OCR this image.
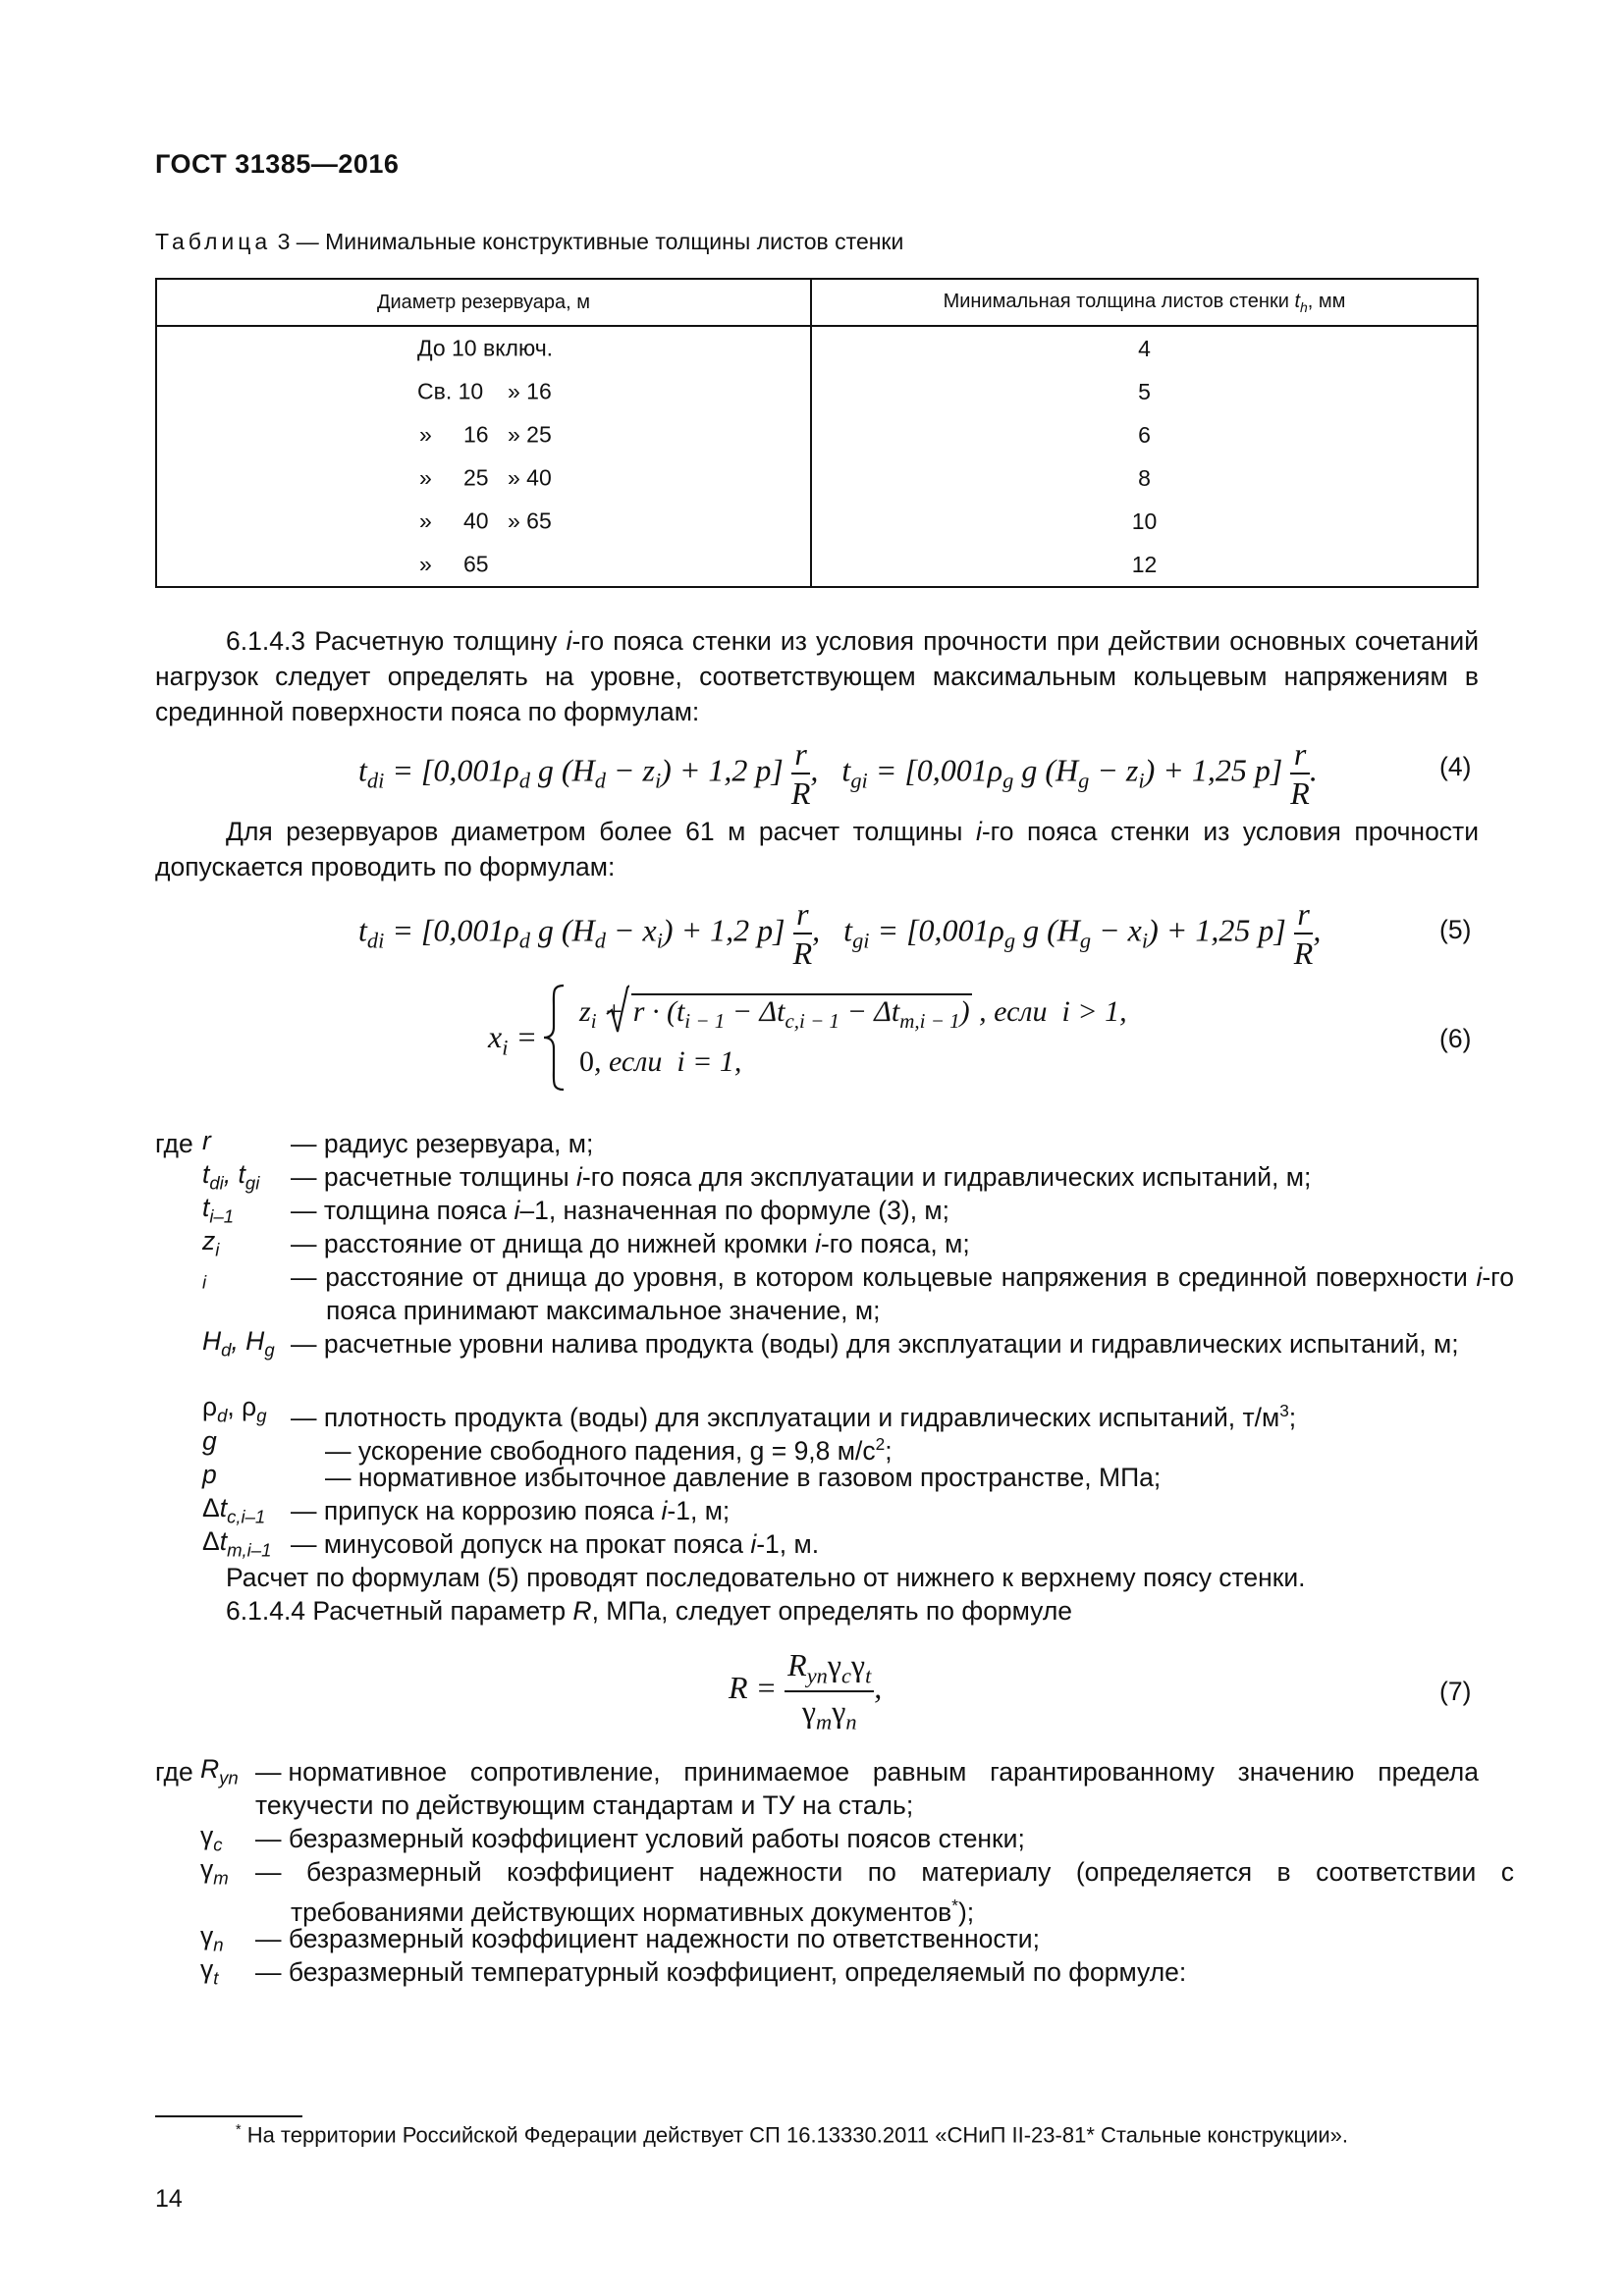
ГОСТ 31385—2016
Таблица 3 — Минимальные конструктивные толщины листов стенки
Диаметр резервуара, м	Минимальная толщина листов стенки $t_h$, мм

До 10 включ.	4

Св. 10 » 16	5

» 16 » 25	6

» 25 » 40	8

» 40 » 65	10

» 65	12
6.1.4.3 Расчетную толщину i-го пояса стенки из условия прочности при действии основных сочетаний нагрузок следует определять на уровне, соответствующем максимальным кольцевым напряжениям в срединной поверхности пояса по формулам:
$t_{di} = [0,001\rho_d$ g $(H_d - z_i) + 1,2$ $p] \frac{r}{R}$ ,   $t_{gi} = [0,001\rho_g$ g $(H_g - z_i) + 1,25$ $p] \frac{r}{R}$ .	(4)
Для резервуаров диаметром более 61 м расчет толщины i-го пояса стенки из условия прочности допускается проводить по формулам:
$t_{di} = [0,001\rho_d$ g $(H_d - x_i) + 1,2$ $p] \frac{r}{R}$ ,   $t_{gi} = [0,001\rho_g$ g $(H_g - x_i) + 1,25$ $p] \frac{r}{R}$ ,	(5)
$x_i$ =
$z_i + r \cdot (t_{i - 1} - \Delta t_{c,i - 1} - \Delta t_{m,i - 1})$ , если  i > 1,
0, если  i = 1,
(6)
где r	— радиус резервуара, м;
$t_{di}$, $t_{gi}$ — расчетные толщины i-го пояса для эксплуатации и гидравлических испытаний, м;
$t_{i-1}$ — толщина пояса i–1, назначенная по формуле (3), м;
$z_i$	— расстояние от днища до нижней кромки i-го пояса, м;
$_i$	— расстояние от днища до уровня, в котором кольцевые напряжения в срединной поверхности i-го пояса принимают максимальное значение, м;
$H_d$, $H_g$ — расчетные уровни налива продукта (воды) для эксплуатации и гидравлических испытаний, м;
$\rho_d$, $\rho_g$ — плотность продукта (воды) для эксплуатации и гидравлических испытаний, $т/м^3$;
g	— ускорение свободного падения, g = 9,8 $м/с^2$;
p	— нормативное избыточное давление в газовом пространстве, МПа;
$\Delta t_{c,i-1}$ — припуск на коррозию пояса i-1, м;
$\Delta t_{m,i-1}$ — минусовой допуск на прокат пояса i-1, м.
Расчет по формулам (5) проводят последовательно от нижнего к верхнему поясу стенки.
6.1.4.4 Расчетный параметр R, МПа, следует определять по формуле
$R = \frac{R_{yn}\gamma_c\gamma_t}{\gamma_m\gamma_n}$ ,	(7)
где $R_{yn}$ — нормативное сопротивление, принимаемое равным гарантированному значению предела текучести по действующим стандартам и ТУ на сталь;
$\gamma_c$ — безразмерный коэффициент условий работы поясов стенки;
$\gamma_m$ — безразмерный коэффициент надежности по материалу (определяется в соответствии с требованиями действующих нормативных документов*);
$\gamma_n$ — безразмерный коэффициент надежности по ответственности;
$\gamma_t$ — безразмерный температурный коэффициент, определяемый по формуле:
* На территории Российской Федерации действует СП 16.13330.2011 «СНиП II-23-81* Стальные конструкции».
14
